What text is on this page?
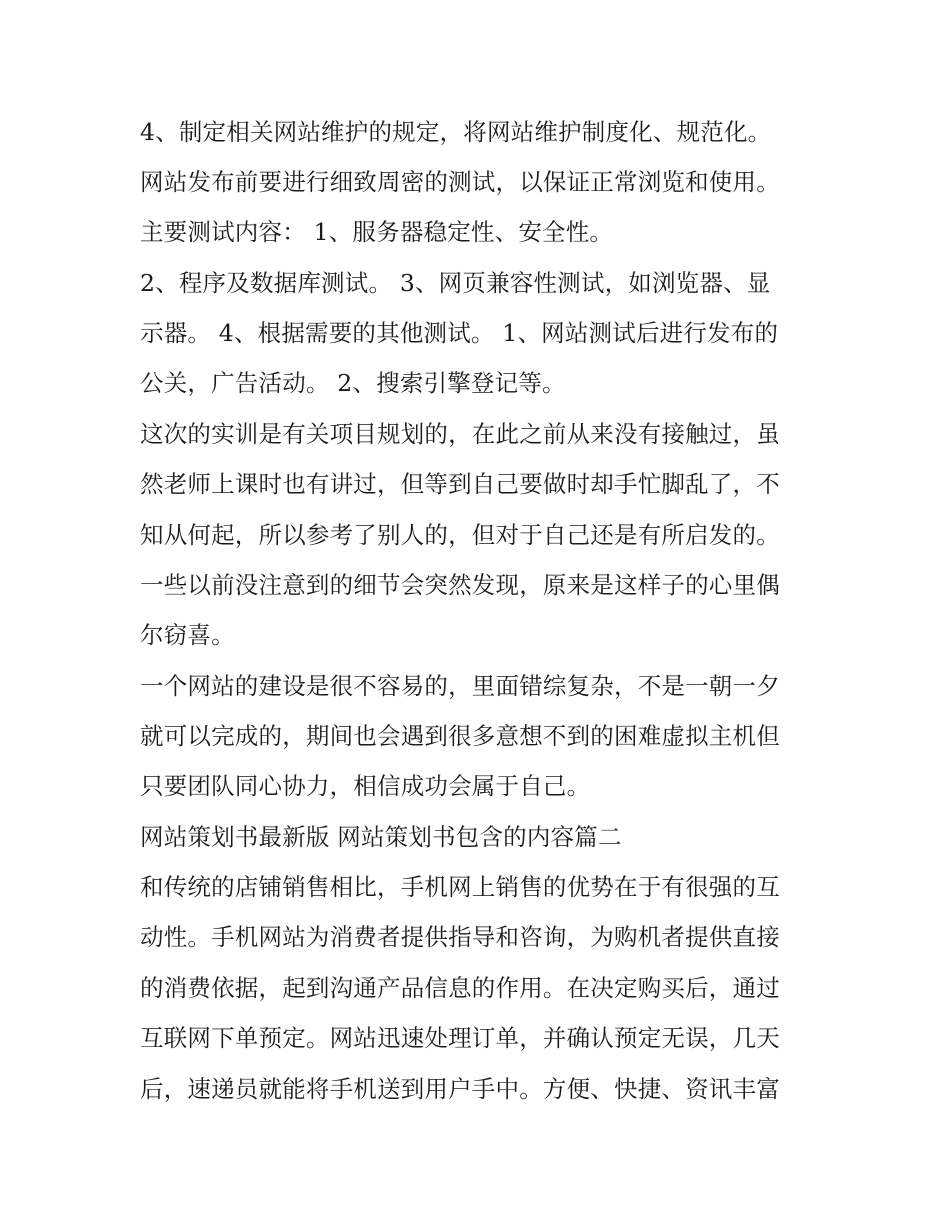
4、制定相关网站维护的规定，将网站维护制度化、规范化。
网站发布前要进行细致周密的测试，以保证正常浏览和使用。
主要测试内容： 1、服务器稳定性、安全性。
2、程序及数据库测试。 3、网页兼容性测试，如浏览器、显
示器。 4、根据需要的其他测试。 1、网站测试后进行发布的
公关，广告活动。 2、搜索引擎登记等。
这次的实训是有关项目规划的，在此之前从来没有接触过，虽
然老师上课时也有讲过，但等到自己要做时却手忙脚乱了，不
知从何起，所以参考了别人的，但对于自己还是有所启发的。
一些以前没注意到的细节会突然发现，原来是这样子的心里偶
尔窃喜。
一个网站的建设是很不容易的，里面错综复杂，不是一朝一夕
就可以完成的，期间也会遇到很多意想不到的困难虚拟主机但
只要团队同心协力，相信成功会属于自己。
网站策划书最新版 网站策划书包含的内容篇二
和传统的店铺销售相比，手机网上销售的优势在于有很强的互
动性。手机网站为消费者提供指导和咨询，为购机者提供直接
的消费依据，起到沟通产品信息的作用。在决定购买后，通过
互联网下单预定。网站迅速处理订单，并确认预定无误，几天
后，速递员就能将手机送到用户手中。方便、快捷、资讯丰富
